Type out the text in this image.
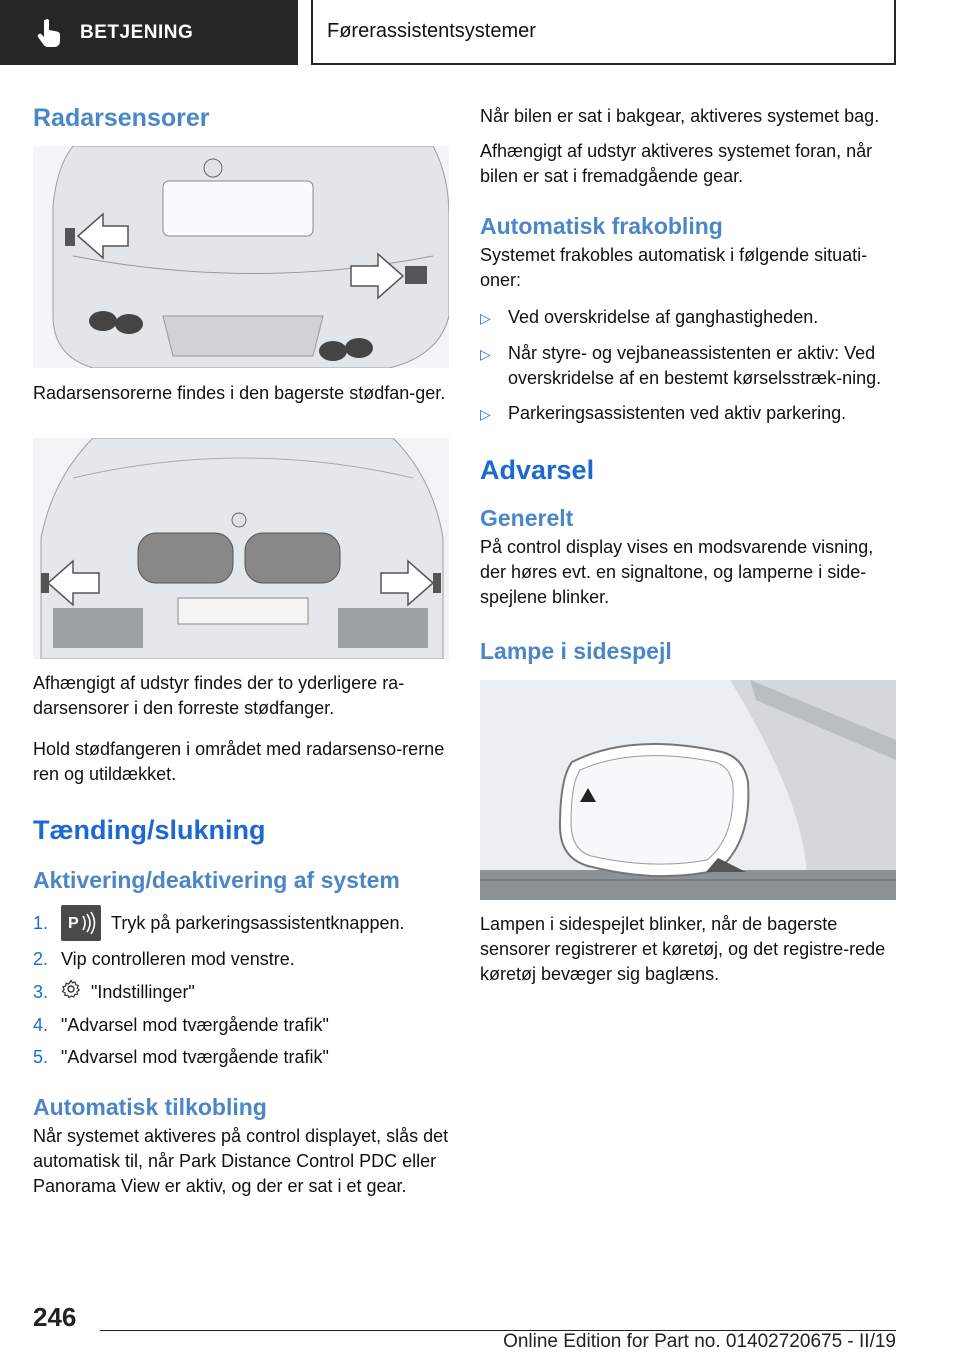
BETJENING	Førerassistentsystemer
Radarsensorer

Radarsensorerne findes i den bagerste stødfan-ger.

Afhængigt af udstyr findes der to yderligere ra-darsensorer i den forreste stødfanger.

Hold stødfangeren i området med radarsenso-rerne ren og utildækket.

Tænding/slukning
Aktivering/deaktivering af system
1.	P Tryk på parkeringsassistentknappen.
2. Vip controlleren mod venstre.
3.	"Indstillinger"
4. "Advarsel mod tværgående trafik"
5. "Advarsel mod tværgående trafik"
Automatisk tilkobling

Når systemet aktiveres på control displayet, slås det automatisk til, når Park Distance Control PDC eller Panorama View er aktiv, og der er sat i et gear.

Når bilen er sat i bakgear, aktiveres systemet bag.

Afhængigt af udstyr aktiveres systemet foran, når bilen er sat i fremadgående gear.

Automatisk frakobling

Systemet frakobles automatisk i følgende situati-oner:

▷ Ved overskridelse af ganghastigheden.
▷ Når styre- og vejbaneassistenten er aktiv: Ved overskridelse af en bestemt kørselsstræk-ning.
▷ Parkeringsassistenten ved aktiv parkering.
Advarsel
Generelt

På control display vises en modsvarende visning, der høres evt. en signaltone, og lamperne i side-spejlene blinker.

Lampe i sidespejl

Lampen i sidespejlet blinker, når de bagerste sensorer registrerer et køretøj, og det registre-rede køretøj bevæger sig baglæns.

246
Online Edition for Part no. 01402720675 - II/19
